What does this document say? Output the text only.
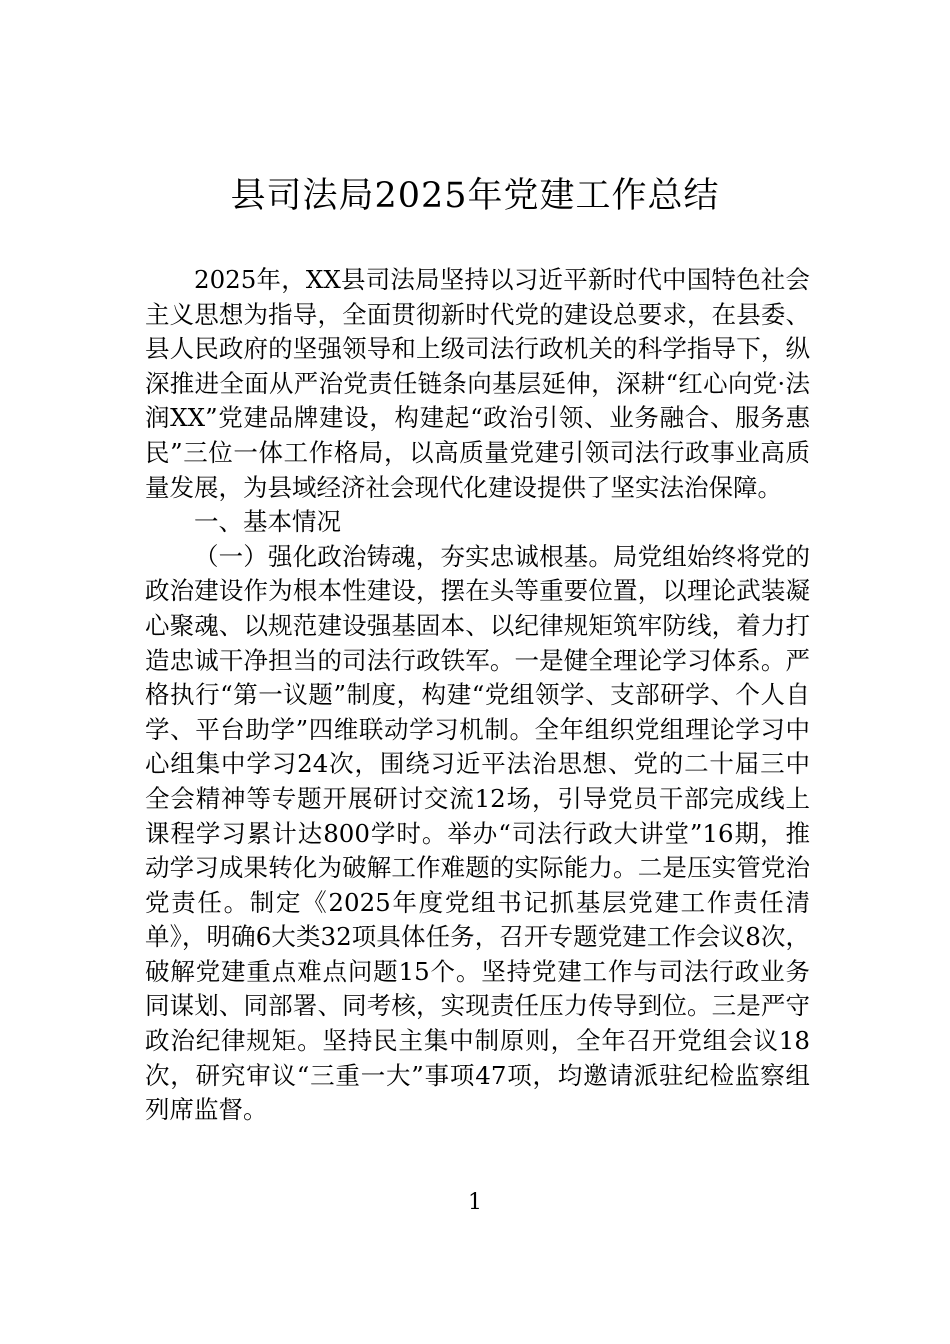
县司法局2025年党建工作总结

2025年，XX县司法局坚持以习近平新时代中国特色社会主义思想为指导，全面贯彻新时代党的建设总要求，在县委、县人民政府的坚强领导和上级司法行政机关的科学指导下，纵深推进全面从严治党责任链条向基层延伸，深耕“红心向党·法润XX”党建品牌建设，构建起“政治引领、业务融合、服务惠民”三位一体工作格局，以高质量党建引领司法行政事业高质量发展，为县域经济社会现代化建设提供了坚实法治保障。

一、基本情况

（一）强化政治铸魂，夯实忠诚根基。局党组始终将党的政治建设作为根本性建设，摆在头等重要位置，以理论武装凝心聚魂、以规范建设强基固本、以纪律规矩筑牢防线，着力打造忠诚干净担当的司法行政铁军。一是健全理论学习体系。严格执行“第一议题”制度，构建“党组领学、支部研学、个人自学、平台助学”四维联动学习机制。全年组织党组理论学习中心组集中学习24次，围绕习近平法治思想、党的二十届三中全会精神等专题开展研讨交流12场，引导党员干部完成线上课程学习累计达800学时。举办“司法行政大讲堂”16期，推动学习成果转化为破解工作难题的实际能力。二是压实管党治党责任。制定《2025年度党组书记抓基层党建工作责任清单》，明确6大类32项具体任务，召开专题党建工作会议8次，破解党建重点难点问题15个。坚持党建工作与司法行政业务同谋划、同部署、同考核，实现责任压力传导到位。三是严守政治纪律规矩。坚持民主集中制原则，全年召开党组会议18次，研究审议“三重一大”事项47项，均邀请派驻纪检监察组列席监督。

1
